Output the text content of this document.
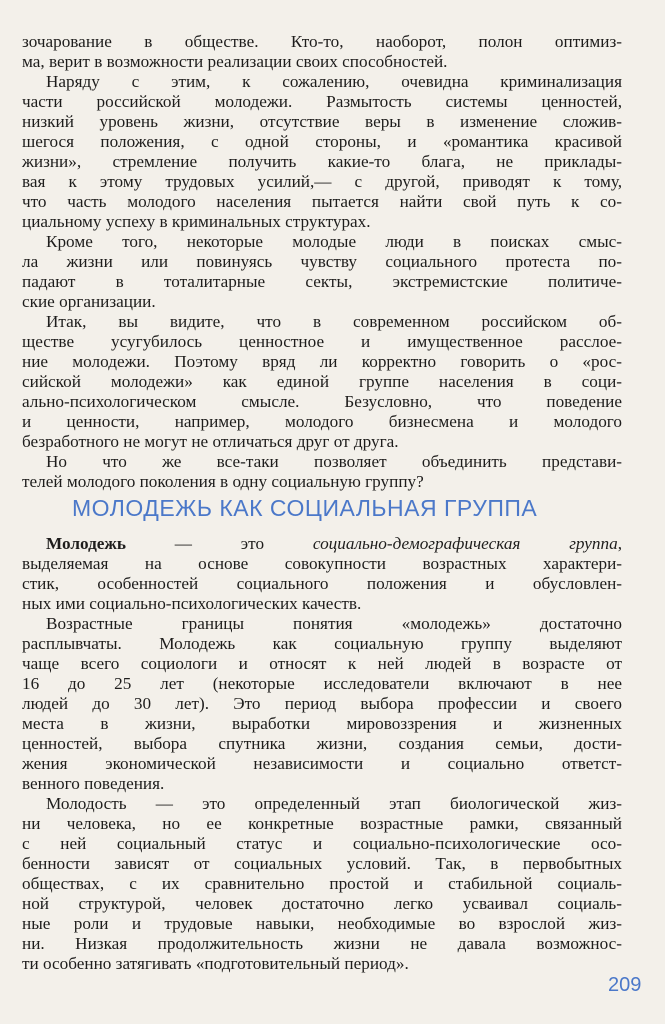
зочарование в обществе. Кто-то, наоборот, полон оптимиз-
ма, верит в возможности реализации своих способностей.
Наряду с этим, к сожалению, очевидна криминализация
части российской молодежи. Размытость системы ценностей,
низкий уровень жизни, отсутствие веры в изменение сложив-
шегося положения, с одной стороны, и «романтика красивой
жизни», стремление получить какие-то блага, не приклады-
вая к этому трудовых усилий,— с другой, приводят к тому,
что часть молодого населения пытается найти свой путь к со-
циальному успеху в криминальных структурах.
Кроме того, некоторые молодые люди в поисках смыс-
ла жизни или повинуясь чувству социального протеста по-
падают в тоталитарные секты, экстремистские политиче-
ские организации.
Итак, вы видите, что в современном российском об-
ществе усугубилось ценностное и имущественное расслое-
ние молодежи. Поэтому вряд ли корректно говорить о «рос-
сийской молодежи» как единой группе населения в соци-
ально-психологическом смысле. Безусловно, что поведение
и ценности, например, молодого бизнесмена и молодого
безработного не могут не отличаться друг от друга.
Но что же все-таки позволяет объединить представи-
телей молодого поколения в одну социальную группу?
Молодежь — это социально-демографическая группа,
выделяемая на основе совокупности возрастных характери-
стик, особенностей социального положения и обусловлен-
ных ими социально-психологических качеств.
Возрастные границы понятия «молодежь» достаточно
расплывчаты. Молодежь как социальную группу выделяют
чаще всего социологи и относят к ней людей в возрасте от
16 до 25 лет (некоторые исследователи включают в нее
людей до 30 лет). Это период выбора профессии и своего
места в жизни, выработки мировоззрения и жизненных
ценностей, выбора спутника жизни, создания семьи, дости-
жения экономической независимости и социально ответст-
венного поведения.
Молодость — это определенный этап биологической жиз-
ни человека, но ее конкретные возрастные рамки, связанный
с ней социальный статус и социально-психологические осо-
бенности зависят от социальных условий. Так, в первобытных
обществах, с их сравнительно простой и стабильной социаль-
ной структурой, человек достаточно легко усваивал социаль-
ные роли и трудовые навыки, необходимые во взрослой жиз-
ни. Низкая продолжительность жизни не давала возможнос-
ти особенно затягивать «подготовительный период».
МОЛОДЕЖЬ КАК СОЦИАЛЬНАЯ ГРУППА
209
